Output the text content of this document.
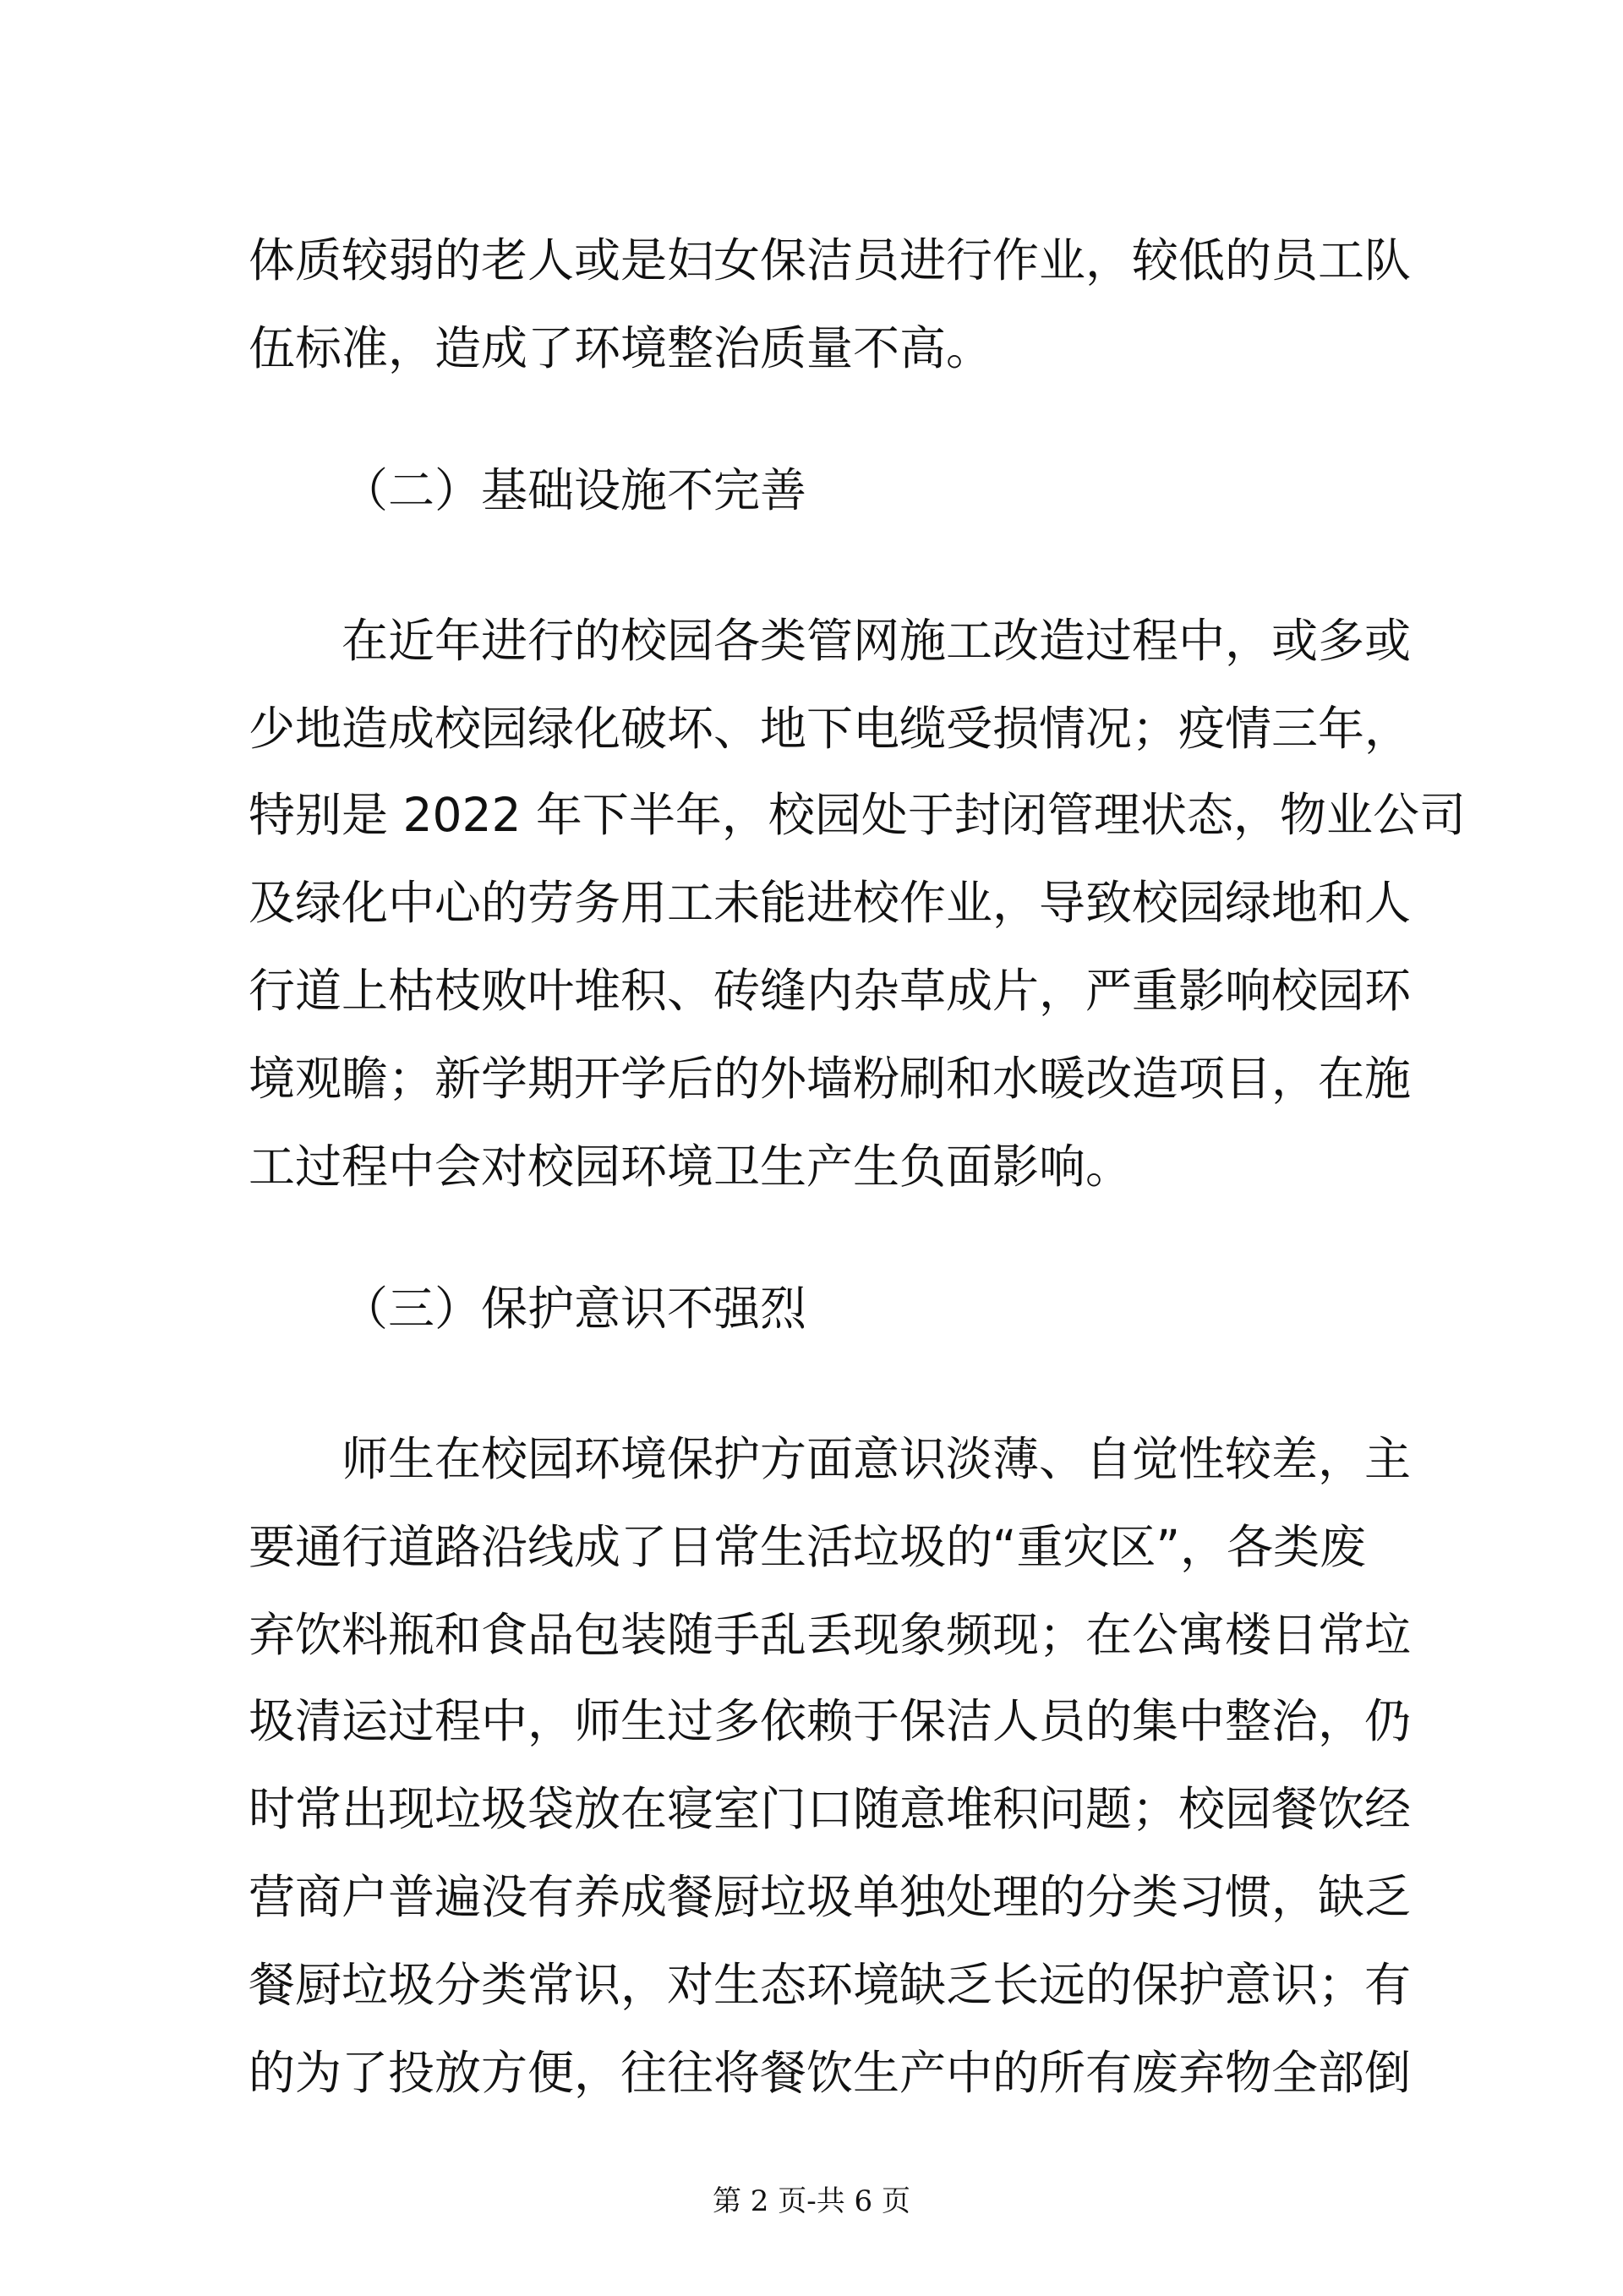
体质较弱的老人或是妇女保洁员进行作业，较低的员工队
伍标准，造成了环境整治质量不高。
（二）基础设施不完善
在近年进行的校园各类管网施工改造过程中，或多或
少地造成校园绿化破坏、地下电缆受损情况；疫情三年，
特别是 2022 年下半年，校园处于封闭管理状态，物业公司
及绿化中心的劳务用工未能进校作业，导致校园绿地和人
行道上枯枝败叶堆积、砖缝内杂草成片，严重影响校园环
境观瞻；新学期开学后的外墙粉刷和水暖改造项目，在施
工过程中会对校园环境卫生产生负面影响。
（三）保护意识不强烈
师生在校园环境保护方面意识淡薄、自觉性较差，主
要通行道路沿线成了日常生活垃圾的“重灾区”，各类废
弃饮料瓶和食品包装随手乱丢现象频现；在公寓楼日常垃
圾清运过程中，师生过多依赖于保洁人员的集中整治，仍
时常出现垃圾袋放在寝室门口随意堆积问题；校园餐饮经
营商户普遍没有养成餐厨垃圾单独处理的分类习惯，缺乏
餐厨垃圾分类常识，对生态环境缺乏长远的保护意识；有
的为了投放方便，往往将餐饮生产中的所有废弃物全部倒
第 2 页-共 6 页
